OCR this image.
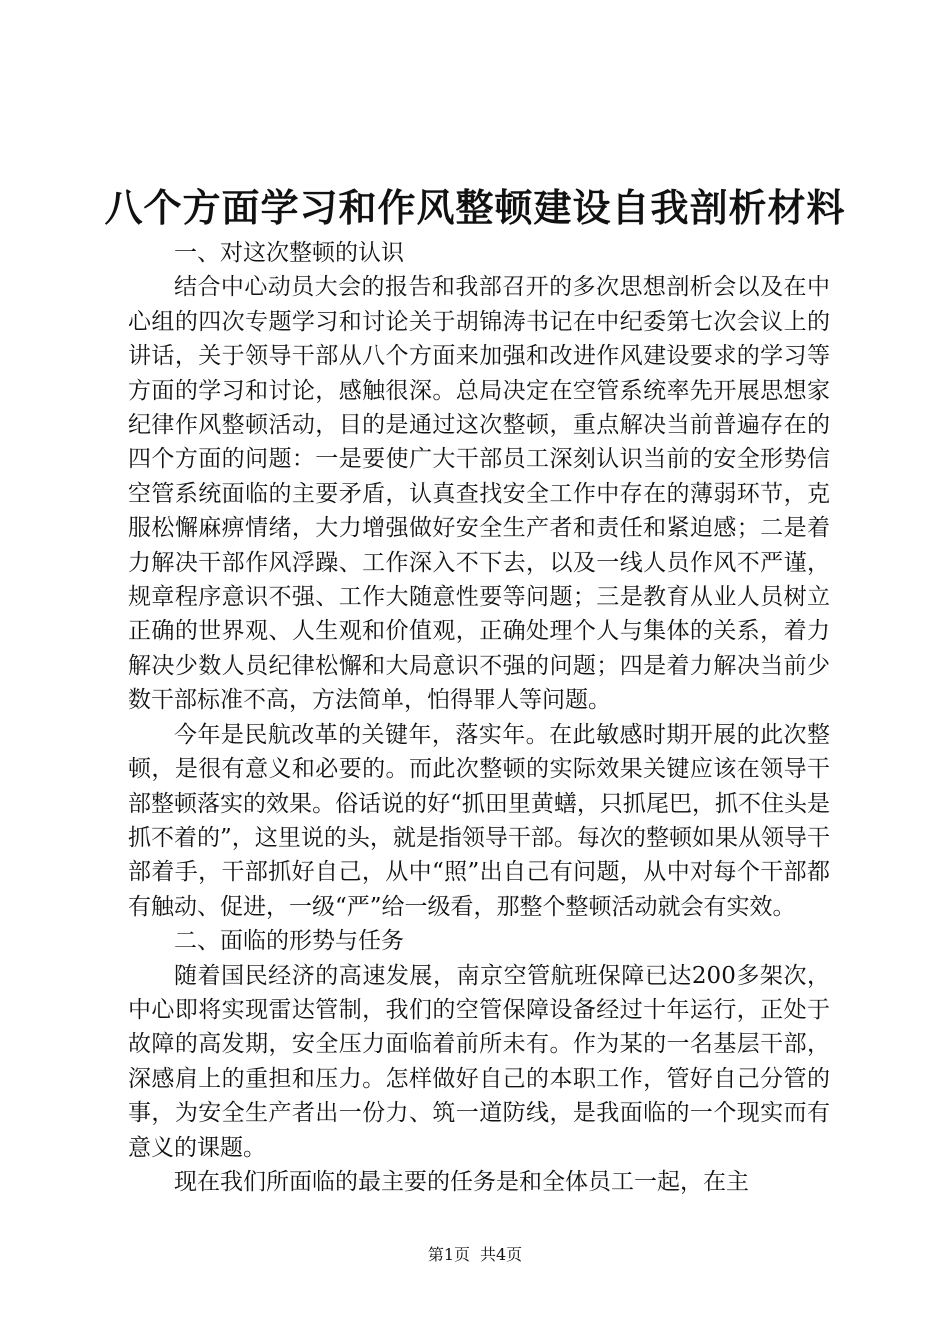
八个方面学习和作风整顿建设自我剖析材料

一、对这次整顿的认识

结合中心动员大会的报告和我部召开的多次思想剖析会以及在中心组的四次专题学习和讨论关于胡锦涛书记在中纪委第七次会议上的讲话，关于领导干部从八个方面来加强和改进作风建设要求的学习等方面的学习和讨论，感触很深。总局决定在空管系统率先开展思想家纪律作风整顿活动，目的是通过这次整顿，重点解决当前普遍存在的四个方面的问题：一是要使广大干部员工深刻认识当前的安全形势信空管系统面临的主要矛盾，认真查找安全工作中存在的薄弱环节，克服松懈麻痹情绪，大力增强做好安全生产者和责任和紧迫感；二是着力解决干部作风浮躁、工作深入不下去，以及一线人员作风不严谨，规章程序意识不强、工作大随意性要等问题；三是教育从业人员树立正确的世界观、人生观和价值观，正确处理个人与集体的关系，着力解决少数人员纪律松懈和大局意识不强的问题；四是着力解决当前少数干部标准不高，方法简单，怕得罪人等问题。

今年是民航改革的关键年，落实年。在此敏感时期开展的此次整顿，是很有意义和必要的。而此次整顿的实际效果关键应该在领导干部整顿落实的效果。俗话说的好“抓田里黄蟮，只抓尾巴，抓不住头是抓不着的”，这里说的头，就是指领导干部。每次的整顿如果从领导干部着手，干部抓好自己，从中“照”出自己有问题，从中对每个干部都有触动、促进，一级“严”给一级看，那整个整顿活动就会有实效。

二、面临的形势与任务

随着国民经济的高速发展，南京空管航班保障已达200多架次，中心即将实现雷达管制，我们的空管保障设备经过十年运行，正处于故障的高发期，安全压力面临着前所未有。作为某的一名基层干部，深感肩上的重担和压力。怎样做好自己的本职工作，管好自己分管的事，为安全生产者出一份力、筑一道防线，是我面临的一个现实而有意义的课题。

现在我们所面临的最主要的任务是和全体员工一起，在主

第1页 共4页
